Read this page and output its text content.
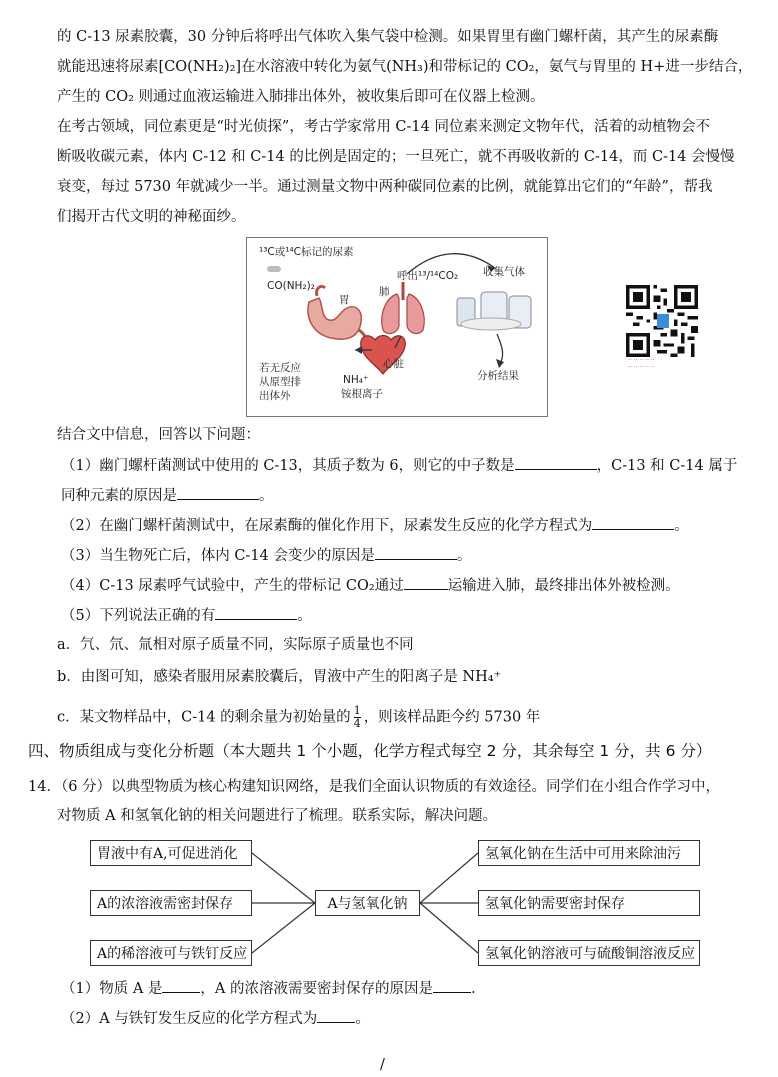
的 C-13 尿素胶囊，30 分钟后将呼出气体吹入集气袋中检测。如果胃里有幽门螺杆菌，其产生的尿素酶
就能迅速将尿素[CO(NH₂)₂]在水溶液中转化为氨气(NH₃)和带标记的 CO₂，氨气与胃里的 H+进一步结合，
产生的 CO₂ 则通过血液运输进入肺排出体外，被收集后即可在仪器上检测。
在考古领域，同位素更是“时光侦探”，考古学家常用 C-14 同位素来测定文物年代，活着的动植物会不
断吸收碳元素，体内 C-12 和 C-14 的比例是固定的；一旦死亡，就不再吸收新的 C-14，而 C-14 会慢慢
衰变，每过 5730 年就减少一半。通过测量文物中两种碳同位素的比例，就能算出它们的“年龄”，帮我
们揭开古代文明的神秘面纱。
¹³C或¹⁴C标记的尿素
CO(NH₂)₂
胃
肺
呼出¹³/¹⁴CO₂ 收集气体
心脏
NH₄⁺
铵根离子
若无反应
从原型排
出体外
分析结果
·· ·· ·· ·· ··
·· ·· ·· ·· ··
结合文中信息，回答以下问题：
（1）幽门螺杆菌测试中使用的 C-13，其质子数为 6，则它的中子数是	，C-13 和 C-14 属于
同种元素的原因是	。
（2）在幽门螺杆菌测试中，在尿素酶的催化作用下，尿素发生反应的化学方程式为	。
（3）当生物死亡后，体内 C-14 会变少的原因是	。
（4）C-13 尿素呼气试验中，产生的带标记 CO₂通过	运输进入肺，最终排出体外被检测。
（5）下列说法正确的有	。
a．氕、氘、氚相对原子质量不同，实际原子质量也不同
b．由图可知，感染者服用尿素胶囊后，胃液中产生的阳离子是 NH₄⁺
c．某文物样品中，C-14 的剩余量为初始量的 $\frac{1}{4}$ ，则该样品距今约 5730 年
四、物质组成与变化分析题（本大题共 1 个小题，化学方程式每空 2 分，其余每空 1 分，共 6 分）
14．（6 分）以典型物质为核心构建知识网络，是我们全面认识物质的有效途径。同学们在小组合作学习中，
对物质 A 和氢氧化钠的相关问题进行了梳理。联系实际，解决问题。
胃液中有A,可促进消化
A的浓溶液需密封保存
A的稀溶液可与铁钉反应
A与氢氧化钠
氢氧化钠在生活中可用来除油污
氢氧化钠需要密封保存
氢氧化钠溶液可与硫酸铜溶液反应
（1）物质 A 是	，A 的浓溶液需要密封保存的原因是	.
（2）A 与铁钉发生反应的化学方程式为	。
/
